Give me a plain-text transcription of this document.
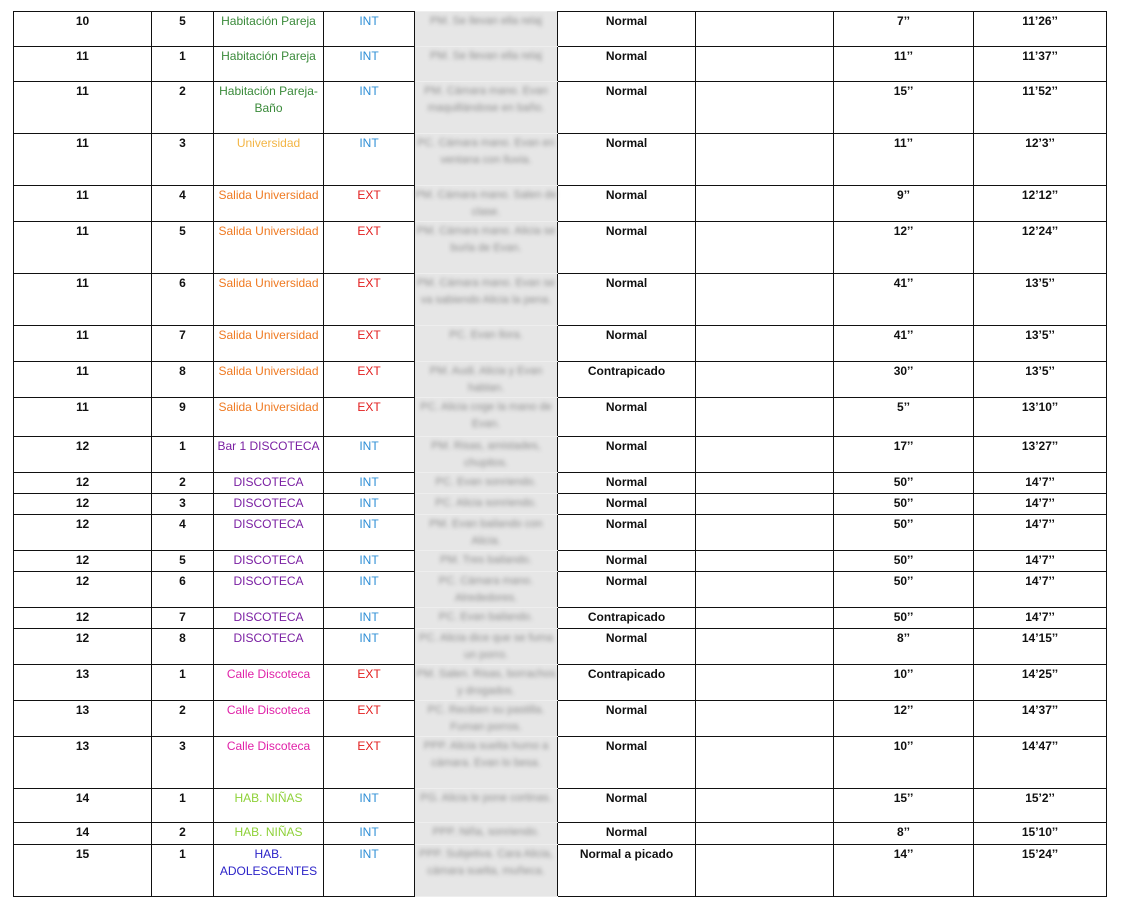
10	5	Habitación Pareja	INT	PM. Se llevan ella relaj	Normal		7’’	11’26’’
11	1	Habitación Pareja	INT	PM. Se llevan ella relaj	Normal		11’’	11’37’’
11	2	Habitación Pareja-Baño	INT	PM. Cámara mano. Evan maquillándose en baño.	Normal		15’’	11’52’’
11	3	Universidad	INT	PC. Cámara mano. Evan en ventana con lluvia.	Normal		11’’	12’3’’
11	4	Salida Universidad	EXT	PM. Cámara mano. Salen de clase.	Normal		9’’	12’12’’
11	5	Salida Universidad	EXT	PM. Cámara mano. Alicia se burla de Evan.	Normal		12’’	12’24’’
11	6	Salida Universidad	EXT	PM. Cámara mano. Evan se va sabiendo Alicia la pena.	Normal		41’’	13’5’’
11	7	Salida Universidad	EXT	PC. Evan llora.	Normal		41’’	13’5’’
11	8	Salida Universidad	EXT	PM. Audi. Alicia y Evan hablan.	Contrapicado		30’’	13’5’’
11	9	Salida Universidad	EXT	PC. Alicia coge la mano de Evan.	Normal		5’’	13’10’’
12	1	Bar 1 DISCOTECA	INT	PM. Risas, amistades, chupitos.	Normal		17’’	13’27’’
12	2	DISCOTECA	INT	PC. Evan sonriendo.	Normal		50’’	14’7’’
12	3	DISCOTECA	INT	PC. Alicia sonriendo.	Normal		50’’	14’7’’
12	4	DISCOTECA	INT	PM. Evan bailando con Alicia.	Normal		50’’	14’7’’
12	5	DISCOTECA	INT	PM. Tres bailando.	Normal		50’’	14’7’’
12	6	DISCOTECA	INT	PC. Cámara mano. Alrededores.	Normal		50’’	14’7’’
12	7	DISCOTECA	INT	PC. Evan bailando.	Contrapicado		50’’	14’7’’
12	8	DISCOTECA	INT	PC. Alicia dice que se fuma un porro.	Normal		8’’	14’15’’
13	1	Calle Discoteca	EXT	PM. Salen. Risas, borrachos y drogados.	Contrapicado		10’’	14’25’’
13	2	Calle Discoteca	EXT	PC. Reciben su pastilla. Fuman porros.	Normal		12’’	14’37’’
13	3	Calle Discoteca	EXT	PPP. Alicia suelta humo a cámara. Evan lo besa.	Normal		10’’	14’47’’
14	1	HAB. NIÑAS	INT	PG. Alicia le pone cortinas.	Normal		15’’	15’2’’
14	2	HAB. NIÑAS	INT	PPP. Niña, sonriendo.	Normal		8’’	15’10’’
15	1	HAB. ADOLESCENTES	INT	PPP. Subjetiva. Cara Alicia, cámara suelta, muñeca.	Normal a picado		14’’	15’24’’
